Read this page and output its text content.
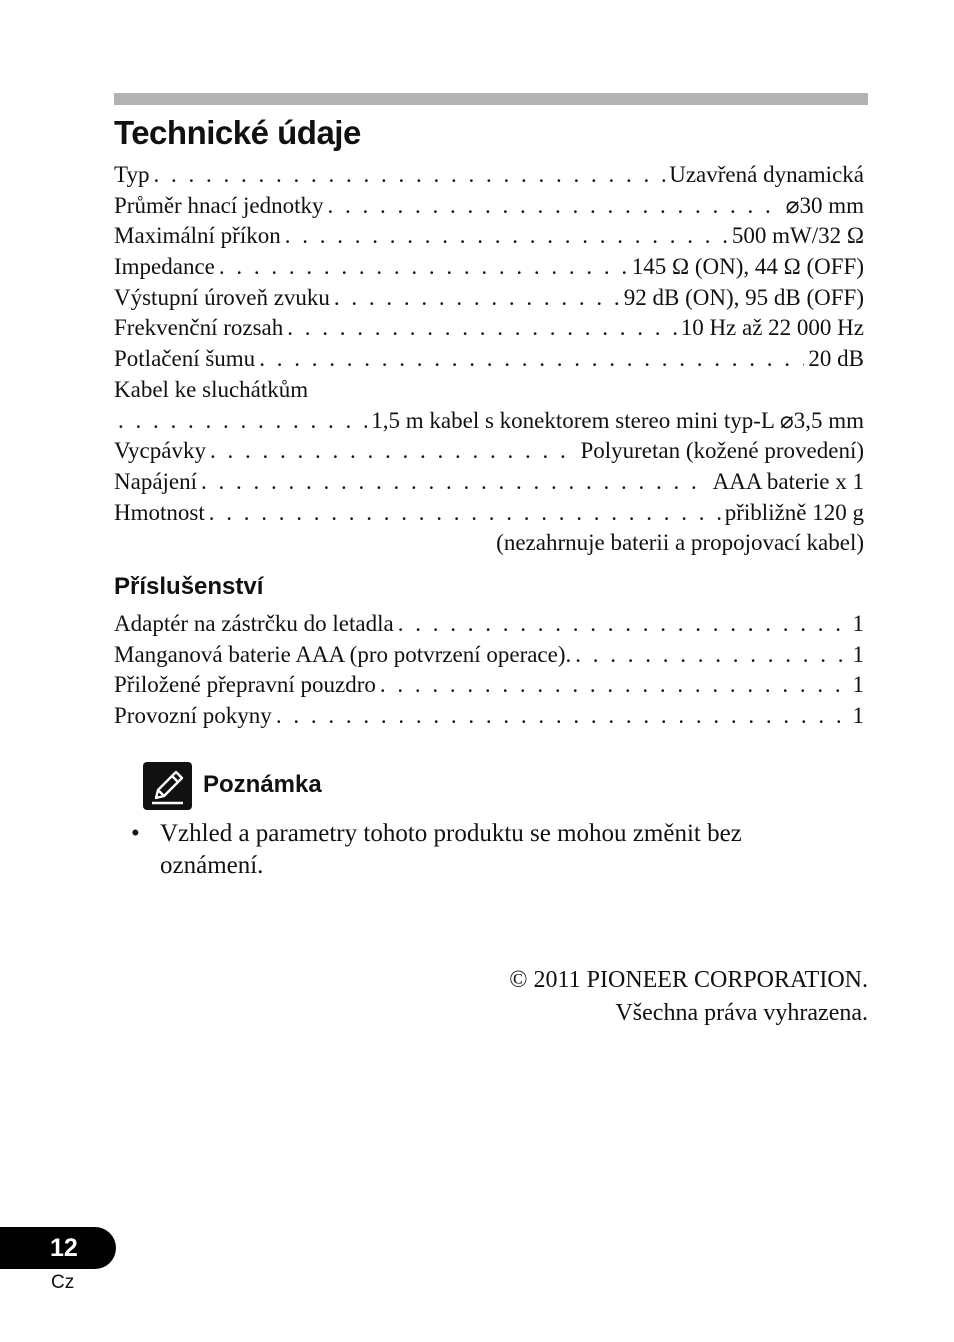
Technické údaje
Typ . . .	Uzavřená dynamická
Průměr hnací jednotky . . .	⌀30 mm
Maximální příkon . . .	500 mW/32 Ω
Impedance . . .	145 Ω (ON), 44 Ω (OFF)
Výstupní úroveň zvuku . . .	92 dB (ON), 95 dB (OFF)
Frekvenční rozsah . . .	10 Hz až 22 000 Hz
Potlačení šumu . . .	20 dB
Kabel ke sluchátkům
. . .
1,5 m kabel s konektorem stereo mini typ-L ⌀3,5 mm
Vycpávky . . .	Polyuretan (kožené provedení)
Napájení . . .	AAA baterie x 1
Hmotnost . . .	přibližně 120 g
(nezahrnuje baterii a propojovací kabel)
Příslušenství
Adaptér na zástrčku do letadla . . .	1
Manganová baterie AAA (pro potvrzení operace). . . .	1
Přiložené přepravní pouzdro . . .	1
Provozní pokyny . . .	1
Poznámka
• Vzhled a parametry tohoto produktu se mohou změnit bez oznámení.
© 2011 PIONEER CORPORATION.
Všechna práva vyhrazena.
12
Cz
